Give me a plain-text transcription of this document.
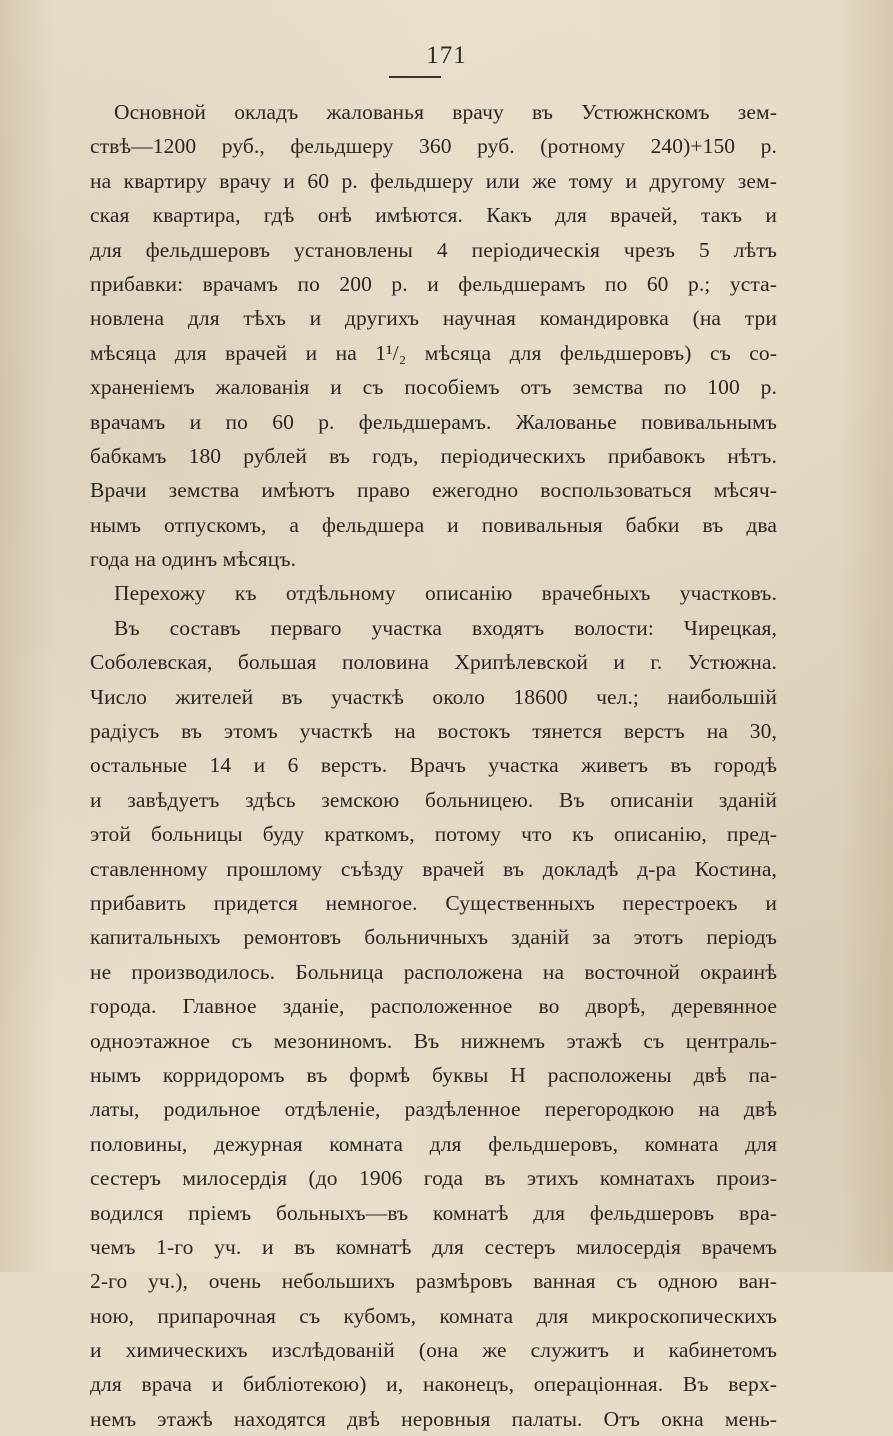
171
Основной окладъ жалованья врачу въ Устюжнскомъ зем-
ствѣ—1200 руб., фельдшеру 360 руб. (ротному 240)+150 р.
на квартиру врачу и 60 р. фельдшеру или же тому и другому зем-
ская квартира, гдѣ онѣ имѣются. Какъ для врачей, такъ и
для фельдшеровъ установлены 4 періодическія чрезъ 5 лѣтъ
прибавки: врачамъ по 200 р. и фельдшерамъ по 60 р.; уста-
новлена для тѣхъ и другихъ научная командировка (на три
мѣсяца для врачей и на 1¹/₂ мѣсяца для фельдшеровъ) съ со-
храненіемъ жалованія и съ пособіемъ отъ земства по 100 р.
врачамъ и по 60 р. фельдшерамъ. Жалованье повивальнымъ
бабкамъ 180 рублей въ годъ, періодическихъ прибавокъ нѣтъ.
Врачи земства имѣютъ право ежегодно воспользоваться мѣсяч-
нымъ отпускомъ, а фельдшера и повивальныя бабки въ два
года на одинъ мѣсяцъ.
Перехожу къ отдѣльному описанію врачебныхъ участковъ.
Въ составъ перваго участка входятъ волости: Чирецкая,
Соболевская, большая половина Хрипѣлевской и г. Устюжна.
Число жителей въ участкѣ около 18600 чел.; наибольшій
радіусъ въ этомъ участкѣ на востокъ тянется верстъ на 30,
остальные 14 и 6 верстъ. Врачъ участка живетъ въ городѣ
и завѣдуетъ здѣсь земскою больницею. Въ описаніи зданій
этой больницы буду краткомъ, потому что къ описанію, пред-
ставленному прошлому съѣзду врачей въ докладѣ д-ра Костина,
прибавить придется немногое. Существенныхъ перестроекъ и
капитальныхъ ремонтовъ больничныхъ зданій за этотъ періодъ
не производилось. Больница расположена на восточной окраинѣ
города. Главное зданіе, расположенное во дворѣ, деревянное
одноэтажное съ мезониномъ. Въ нижнемъ этажѣ съ централь-
нымъ корридоромъ въ формѣ буквы Н расположены двѣ па-
латы, родильное отдѣленіе, раздѣленное перегородкою на двѣ
половины, дежурная комната для фельдшеровъ, комната для
сестеръ милосердія (до 1906 года въ этихъ комнатахъ произ-
водился пріемъ больныхъ—въ комнатѣ для фельдшеровъ вра-
чемъ 1-го уч. и въ комнатѣ для сестеръ милосердія врачемъ
2-го уч.), очень небольшихъ размѣровъ ванная съ одною ван-
ною, припарочная съ кубомъ, комната для микроскопическихъ
и химическихъ изслѣдованій (она же служитъ и кабинетомъ
для врача и библіотекою) и, наконецъ, операціонная. Въ верх-
немъ этажѣ находятся двѣ неровныя палаты. Отъ окна мень-
